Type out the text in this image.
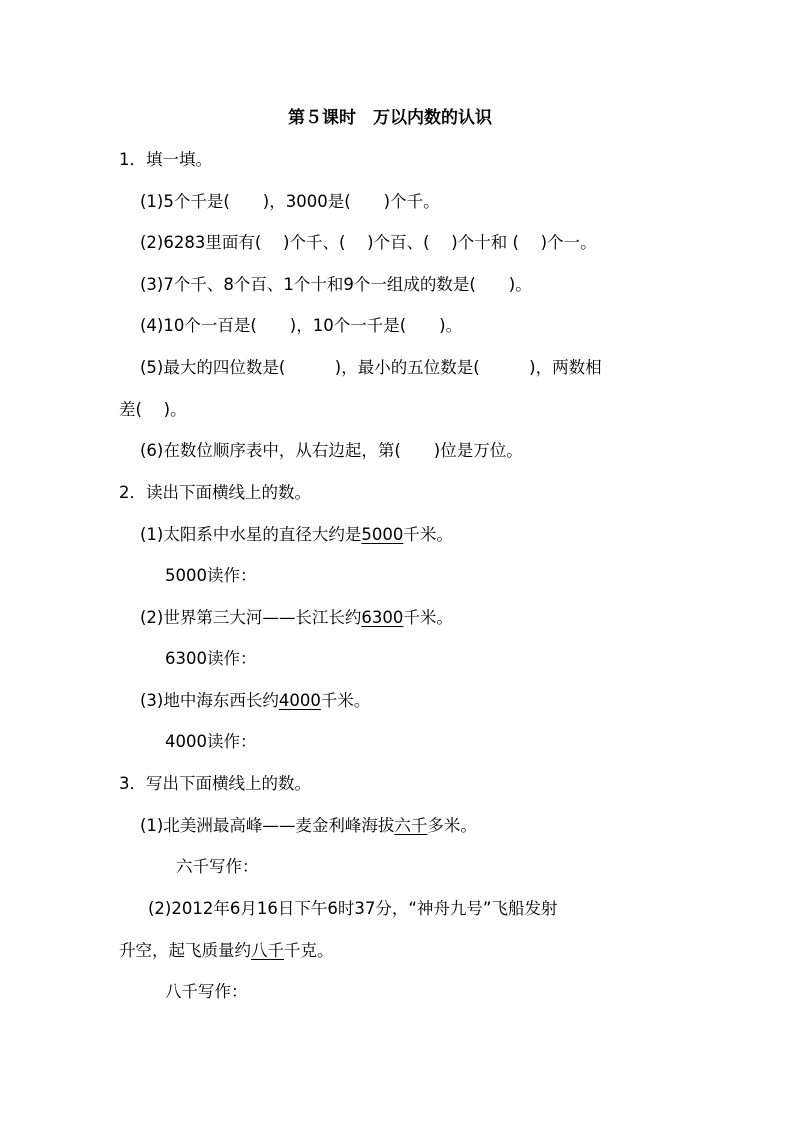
第５课时　万以内数的认识
1．填一填。
(1)5个千是(　　)，3000是(　　)个千。
(2)6283里面有(　 )个千、(　 )个百、(　 )个十和 (　 )个一。
(3)7个千、8个百、1个十和9个一组成的数是(　　)。
(4)10个一百是(　　)，10个一千是(　　)。
(5)最大的四位数是(　　　)，最小的五位数是(　　　)，两数相
差(　 )。
(6)在数位顺序表中，从右边起，第(　　)位是万位。
2．读出下面横线上的数。
(1)太阳系中水星的直径大约是5000千米。
5000读作：
(2)世界第三大河——长江长约6300千米。
6300读作：
(3)地中海东西长约4000千米。
4000读作：
3．写出下面横线上的数。
(1)北美洲最高峰——麦金利峰海拔六千多米。
六千写作：
(2)2012年6月16日下午6时37分，“神舟九号”飞船发射
升空，起飞质量约八千千克。
八千写作：
